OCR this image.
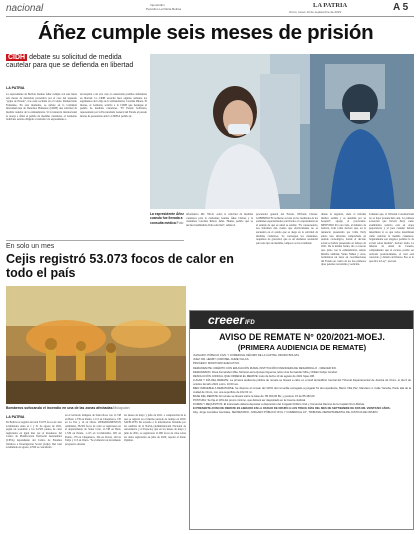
nacional	Inpostridim
Periódico La Patria Bolivia	LA PATRIA
Oruro, lunes 13 de septiembre de 2021	A 5
Áñez cumple seis meses de prisión
CIDH debate su solicitud de medida cautelar para que se defienda en libertad
LA PATRIA
La expresidente de Bolivia Jeanine Áñez cumple con este lunes seis meses de detención preventiva por el caso del supuesto "golpe de Estado", tras estar recluida en el Centro Penitenciario Femenino. En este momento, se debate en la Comisión Interamericana de Derechos Humanos (CIDH) una solicitud de medida cautelar de la exmandataria. Si la instancia internacional le otorga a Áñez el pedido de medidas cautelares, el Gobierno boliviano estaría obligado a trasladar a la expresidente a
un hospital o un otro caso, la sustentaría posibles defenderse en libertad. La CIDH escuchó hace algunas semanas los argumentos de la hija de la exmandataria, Carolina Ribera. El martes, el Gobierno solicitó a la CIDH que deniegue el pedido de medidas cautelares. "El Estado boliviano, representado por la Procuraduría General del Estado el pasado martes ha presentado ante la CIDH el pedido de
La expresidente Áñez cuando fue llevada a consulta médica/Foto
informativo MC 782-21 sobre la solicitud de medidas cautelares para la ciudadana Jeanine Áñez Chávez y la ciudadana Carolina Ribera Áñez. Hemos pedido que se declare inadmisible dicha solicitud", señaló el
procurador general del Estado, Wilfredo Chávez. GOBIERNO El Gobierno se basa en los resultados de los exámenes especializados practicados a la expresidenta en el sentido de que su salud es estable. "Es consecuencia, nos informan dan cuenta que efectivamente no se encuentra en el estado que se alega en la solicitud de medidas cautelares. Se convergen los elementos, requisitos de gravedad, que es un elemento sustancial para este tipo de medidas, tampoco se ha acreditado
ditado la urgencia, dado el informe médico estable y es atendida por su hospital", agregó el procurador. MINISTRO Por otro lado, el ministro de Justicia, Iván Lima declaró que, en la denuncia presentada por Lidia Patty existe una situación comprobada en sentido cronológico, donde el decreto actual se habría presentado en febrero de 2021. De la misma forma, dio a conocer que, junto con la exmandataria, Arturo Murillo también, Yerko Núñez y otras, formularon un tenor en coordinaciones del Estado en contra de los dos primeros tipos penales: terrorismo y sedición.
Lamentó que, el Tribunal Constitucional no se haya pronunciado aún. La primera acusación que Devoli Patty como asambleísta todavía está en etapa preparatoria y el juez cautelar deberá determinar si es que todos determinan cómo solicitar la medida cautelares. Seguramente son alegatos pedidos la de acción sobre medida", declaró Lima. La defensa de Alain de Canedo, complementó que el recurso podría ser revisado posteriormente, el cual será conocido, y debería archivarse. Eso es lo que dice la Ley", aseveró.
En solo un mes
Cejis registró 53.073 focos de calor en todo el país
Bomberos sofocando el incendio en una de las zonas afectadas/Mulapulan
LA PATRIA
En Bolivia se registró un total 53.073 focos de calor acumulados entre el 1 y 31 de agosto de 2021, según un sostenido a los 24.565 puntos de calor registrados en igual mes por el monitoreo del Centro de Planificación Territorial Autonómica (CPTA) dependiente del Centro de Estudios Jurídicos e Investigación Social (Cejis). Del total acumulado en agosto, 9.590 se concentran
en el territorio indígena de Santa Rosa con 11.748 en Beni, 1.539 en Pando, 1.115 en Chuquisaca, 130 en La Paz y 14 en Oruro. DEPARTAMENTOS Asimismo, 38.302 focos de calor se registraron en el departamento de Santa Cruz, 11.748 en Beni, 1.539 en Pando, 1.115 en Cochabamba, 495 en Pando, 178 en Chuquisaca, 164 en Potosí, 140 en Tarija y 113 en Oruro. "Se evidenció un incremento progresivo durante
los meses de mayo y julio de 2021, a comparación de lo que se registró en el mismo periodo de tiempo en 2020. SATÉLITES De acuerdo a la información brindada por los satélites de la NASA (Administración Nacional de Aeronáutica y el Espacio), que en los meses de mayo y julio de 2021, se registraron 11.000 focos de calor sobre los datos registrados en julio de 2020, reportó el diario Opinión.
creeerIFD
AVISO DE REMATE N° 020/2021-MOEJ.
(PRIMERA AUDIENCIA DE REMATE)
JUZGADO: PÚBLICO CIVIL Y COMERCIAL DÉCIMO DE LA CAPITAL ORURO BOLIVIA.
JUEZ: DR. HENRY CORONEL JAIME VILLCA.
PROCESO: MONITORIO EJECUTIVO.
DEMANDANTE: CRÉDITO CON EDUCACIÓN RURAL INSTITUCIÓN FINANCIERA DE DESARROLLO - CRECER IFD.
DEMANDADO: Rosa Fernández Mita, Mónica Laura Quispe Figueroa, Elmo Ana Fernández Mita y Wilder Felipe Condori.
RESOLUCIÓN JUDICIAL QUE ORDENA EL REMATE: Auto de fecha 13 de agosto de 2021 fojas 108.
LUGAR Y DÍA DEL REMATE: La primera audiencia pública de remate se llevará a cabo en el Hall del Edificio Central del Tribunal Departamental de Justicia de Oruro, el día 5 de octubre del año 2021 a Hrs. 10:00 am.
BIEN INMUEBLE A REMATARSE: Se dispone el remate del 100% del inmueble entregado a juzgado 51 del expediente, Barrio Villa Paz, Manzano 4, Calle Yacuiba, Parte alta de la ciudad de Oruro, con una superficie de 162.00 m².
BASE DEL REMATE: El remate se llevará sobre la base de: 85.360,00 Bs; y postura: 15 de 85.360,00.
POSTURA: Se fija el 10% del precio mínimo, que deberá ser depositado en la Cuenta Judicial.
FORMA Y REQUISITOS: El interesado deberá depositar a disposición del Juzgado Público Civil y Comercial Décimo de la Capital Oruro Bolivia.
El PRESENTE AVISO DE REMATE ES LIBRADO EN LA CIUDAD DE ORURO A LOS TRECE DÍAS DEL MES DE SEPTIEMBRE DE DOS MIL VEINTIUNO AÑOS.
Abg. Jorge Gonzáles Gonzáles, SECRETARIO, JUZGADO PÚBLICO CIVIL Y COMERCIAL 10°, TRIBUNAL DEPARTAMENTAL DE JUSTICIA DE ORURO.
